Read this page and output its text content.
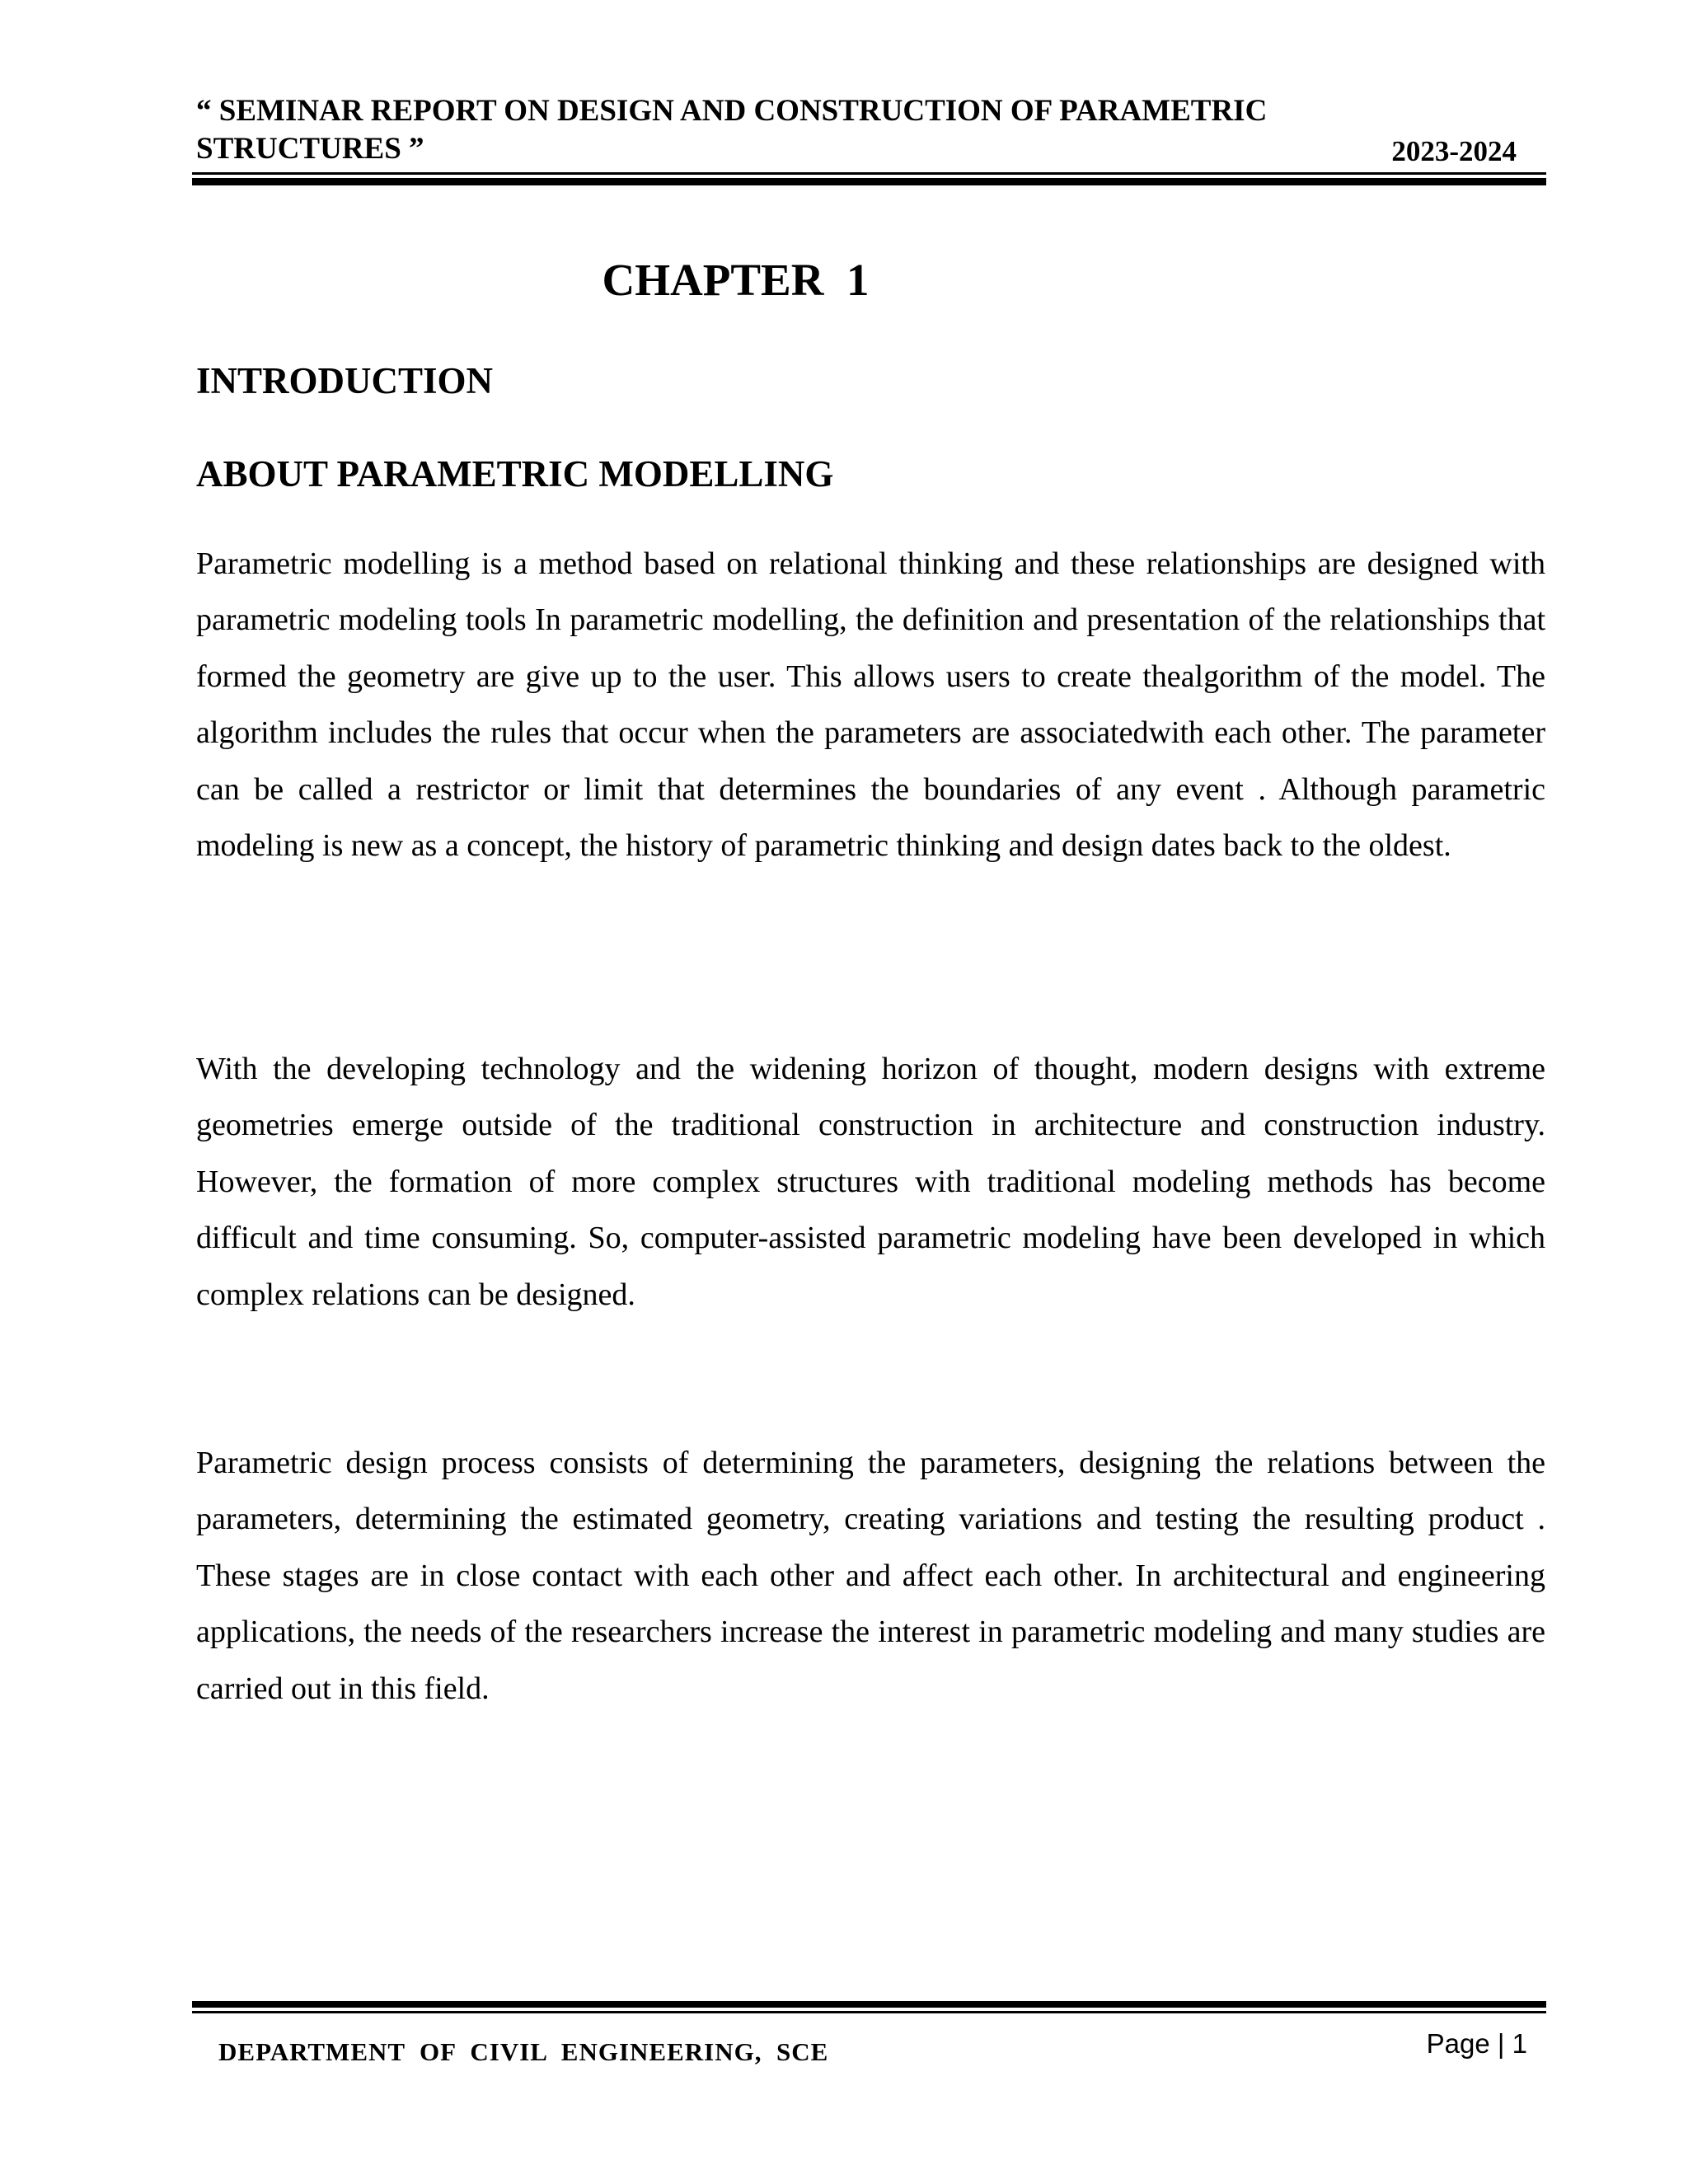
“ SEMINAR REPORT ON DESIGN AND CONSTRUCTION OF PARAMETRIC STRUCTURES ”	2023-2024
CHAPTER  1
INTRODUCTION
ABOUT PARAMETRIC MODELLING

Parametric modelling is a method based on relational thinking and these relationships are designed with parametric modeling tools In parametric modelling, the definition and presentation of the relationships that formed the geometry are give up to the user. This allows users to create thealgorithm of the model. The algorithm includes the rules that occur when the parameters are associatedwith each other. The parameter can be called a restrictor or limit that determines the boundaries of any event . Although parametric modeling is new as a concept, the history of parametric thinking and design dates back to the oldest.

With the developing technology and the widening horizon of thought, modern designs with extreme geometries emerge outside of the traditional construction in architecture and construction industry. However, the formation of more complex structures with traditional modeling methods has become difficult and time consuming. So, computer-assisted parametric modeling have been developed in which complex relations can be designed.

Parametric design process consists of determining the parameters, designing the relations between the parameters, determining the estimated geometry, creating variations and testing the resulting product . These stages are in close contact with each other and affect each other. In architectural and engineering applications, the needs of the researchers increase the interest in parametric modeling and many studies are carried out in this field.

DEPARTMENT  OF  CIVIL  ENGINEERING,  SCE	Page | 1
